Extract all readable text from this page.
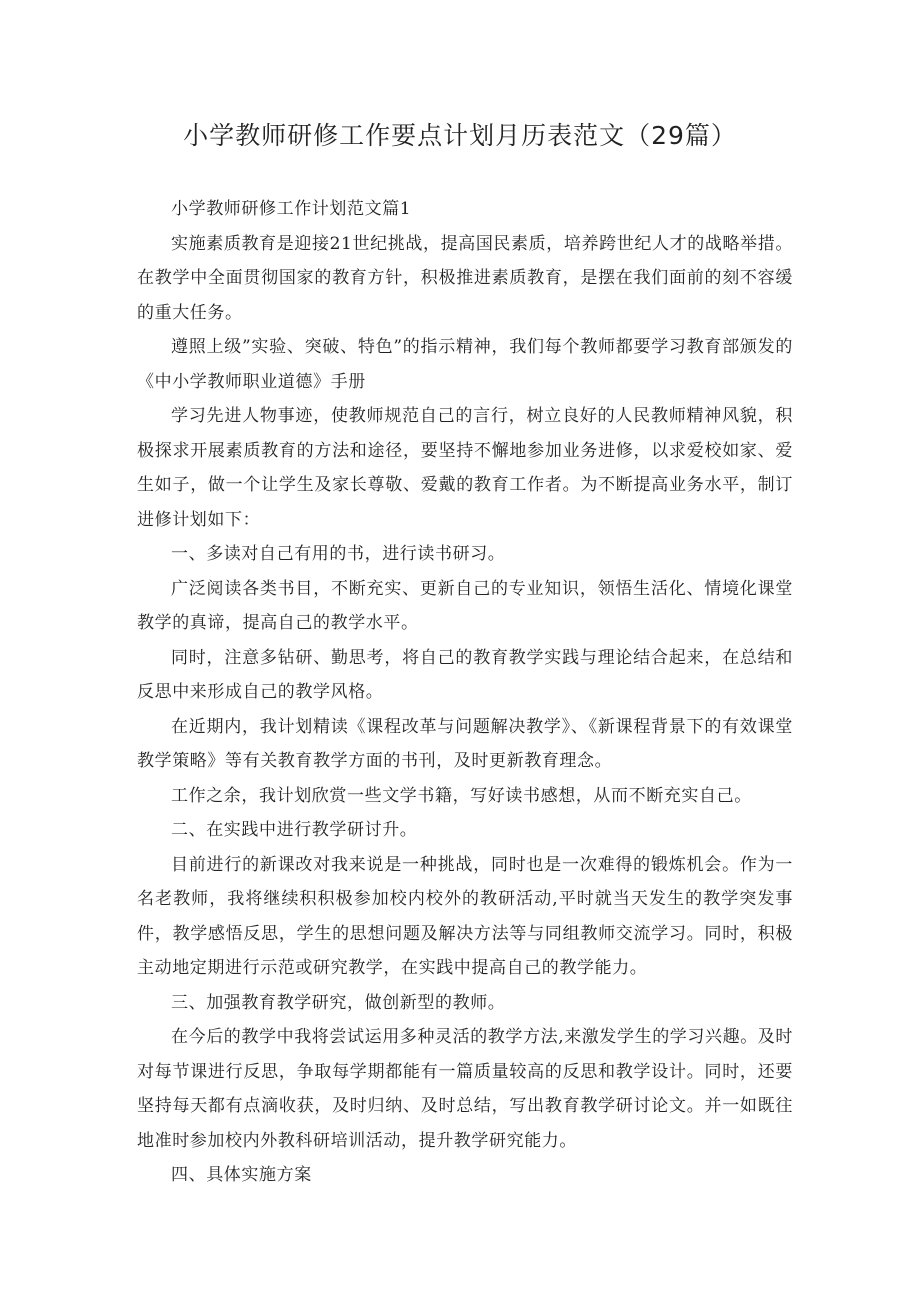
小学教师研修工作要点计划月历表范文（29篇）

小学教师研修工作计划范文篇1

实施素质教育是迎接21世纪挑战，提高国民素质，培养跨世纪人才的战略举措。在教学中全面贯彻国家的教育方针，积极推进素质教育，是摆在我们面前的刻不容缓的重大任务。

遵照上级”实验、突破、特色”的指示精神，我们每个教师都要学习教育部颁发的《中小学教师职业道德》手册

学习先进人物事迹，使教师规范自己的言行，树立良好的人民教师精神风貌，积极探求开展素质教育的方法和途径，要坚持不懈地参加业务进修，以求爱校如家、爱生如子，做一个让学生及家长尊敬、爱戴的教育工作者。为不断提高业务水平，制订进修计划如下：

一、多读对自己有用的书，进行读书研习。

广泛阅读各类书目，不断充实、更新自己的专业知识，领悟生活化、情境化课堂教学的真谛，提高自己的教学水平。

同时，注意多钻研、勤思考，将自己的教育教学实践与理论结合起来，在总结和反思中来形成自己的教学风格。

在近期内，我计划精读《课程改革与问题解决教学》、《新课程背景下的有效课堂教学策略》等有关教育教学方面的书刊，及时更新教育理念。

工作之余，我计划欣赏一些文学书籍，写好读书感想，从而不断充实自己。

二、在实践中进行教学研讨升。

目前进行的新课改对我来说是一种挑战，同时也是一次难得的锻炼机会。作为一名老教师，我将继续积积极参加校内校外的教研活动,平时就当天发生的教学突发事件，教学感悟反思，学生的思想问题及解决方法等与同组教师交流学习。同时，积极主动地定期进行示范或研究教学，在实践中提高自己的教学能力。

三、加强教育教学研究，做创新型的教师。

在今后的教学中我将尝试运用多种灵活的教学方法,来激发学生的学习兴趣。及时对每节课进行反思，争取每学期都能有一篇质量较高的反思和教学设计。同时，还要坚持每天都有点滴收获，及时归纳、及时总结，写出教育教学研讨论文。并一如既往地准时参加校内外教科研培训活动，提升教学研究能力。

四、具体实施方案
